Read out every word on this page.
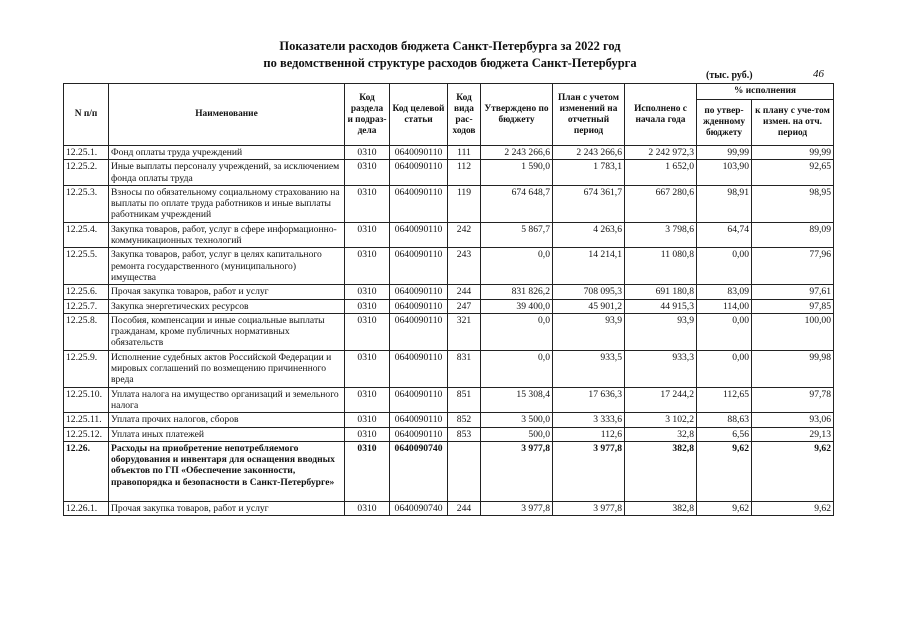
Показатели расходов бюджета Санкт-Петербурга за 2022 год
по ведомственной структуре расходов бюджета Санкт-Петербурга
(тыс. руб.)	46
N п/п	Наименование	Код раздела и подраз-дела	Код целевой статьи	Код вида рас-ходов	Утверждено по бюджету	План с учетом изменений на отчетный период	Исполнено с начала года	% исполнения	
								по утвер-жденному бюджету	к плану с уче-том измен. на отч. период
12.25.1.	Фонд оплаты труда учреждений	0310	0640090110	111	2 243 266,6	2 243 266,6	2 242 972,3	99,99	99,99
12.25.2.	Иные выплаты персоналу учреждений, за исключением фонда оплаты труда	0310	0640090110	112	1 590,0	1 783,1	1 652,0	103,90	92,65
12.25.3.	Взносы по обязательному социальному страхованию на выплаты по оплате труда работников и иные выплаты работникам учреждений	0310	0640090110	119	674 648,7	674 361,7	667 280,6	98,91	98,95
12.25.4.	Закупка товаров, работ, услуг в сфере информационно-коммуникационных технологий	0310	0640090110	242	5 867,7	4 263,6	3 798,6	64,74	89,09
12.25.5.	Закупка товаров, работ, услуг в целях капитального ремонта государственного (муниципального) имущества	0310	0640090110	243	0,0	14 214,1	11 080,8	0,00	77,96
12.25.6.	Прочая закупка товаров, работ и услуг	0310	0640090110	244	831 826,2	708 095,3	691 180,8	83,09	97,61
12.25.7.	Закупка энергетических ресурсов	0310	0640090110	247	39 400,0	45 901,2	44 915,3	114,00	97,85
12.25.8.	Пособия, компенсации и иные социальные выплаты гражданам, кроме публичных нормативных обязательств	0310	0640090110	321	0,0	93,9	93,9	0,00	100,00
12.25.9.	Исполнение судебных актов Российской Федерации и мировых соглашений по возмещению причиненного вреда	0310	0640090110	831	0,0	933,5	933,3	0,00	99,98
12.25.10.	Уплата налога на имущество организаций и земельного налога	0310	0640090110	851	15 308,4	17 636,3	17 244,2	112,65	97,78
12.25.11.	Уплата прочих налогов, сборов	0310	0640090110	852	3 500,0	3 333,6	3 102,2	88,63	93,06
12.25.12.	Уплата иных платежей	0310	0640090110	853	500,0	112,6	32,8	6,56	29,13
12.26.	Расходы на приобретение непотребляемого оборудования и инвентаря для оснащения вводных объектов по ГП «Обеспечение законности, правопорядка и безопасности в Санкт-Петербурге»	0310	0640090740		3 977,8	3 977,8	382,8	9,62	9,62
12.26.1.	Прочая закупка товаров, работ и услуг	0310	0640090740	244	3 977,8	3 977,8	382,8	9,62	9,62
